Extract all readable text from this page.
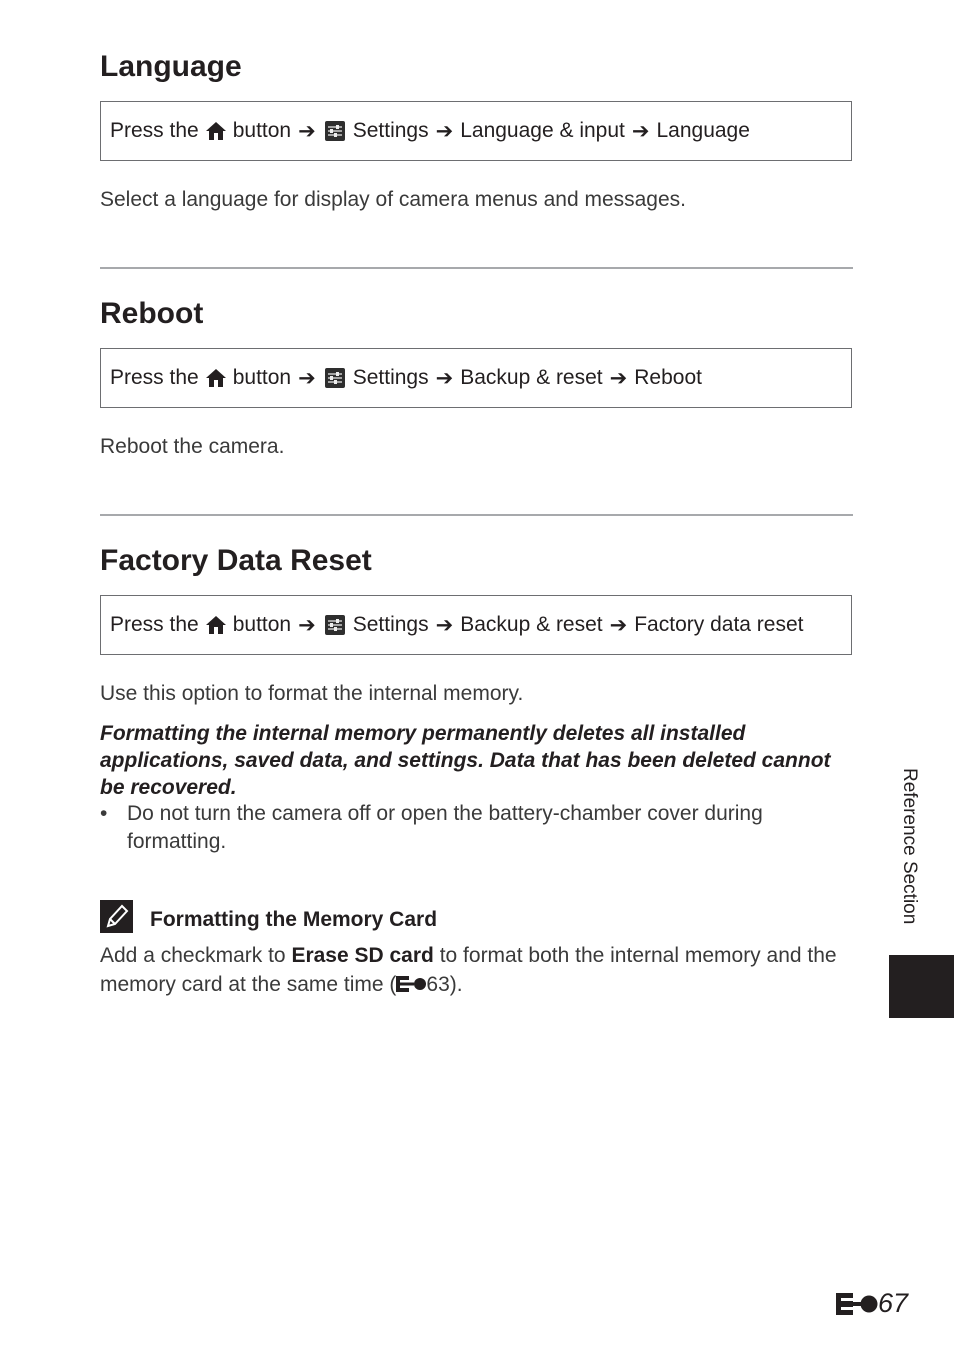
Language
Press the button ➔ Settings ➔ Language & input ➔ Language

Select a language for display of camera menus and messages.

Reboot
Press the button ➔ Settings ➔ Backup & reset ➔ Reboot

Reboot the camera.

Factory Data Reset
Press the button ➔ Settings ➔ Backup & reset ➔ Factory data reset

Use this option to format the internal memory.

Formatting the internal memory permanently deletes all installed applications, saved data, and settings. Data that has been deleted cannot be recovered.

• Do not turn the camera off or open the battery-chamber cover during formatting.

Formatting the Memory Card

Add a checkmark to Erase SD card to format both the internal memory and the memory card at the same time ( 63).

Reference Section
67
